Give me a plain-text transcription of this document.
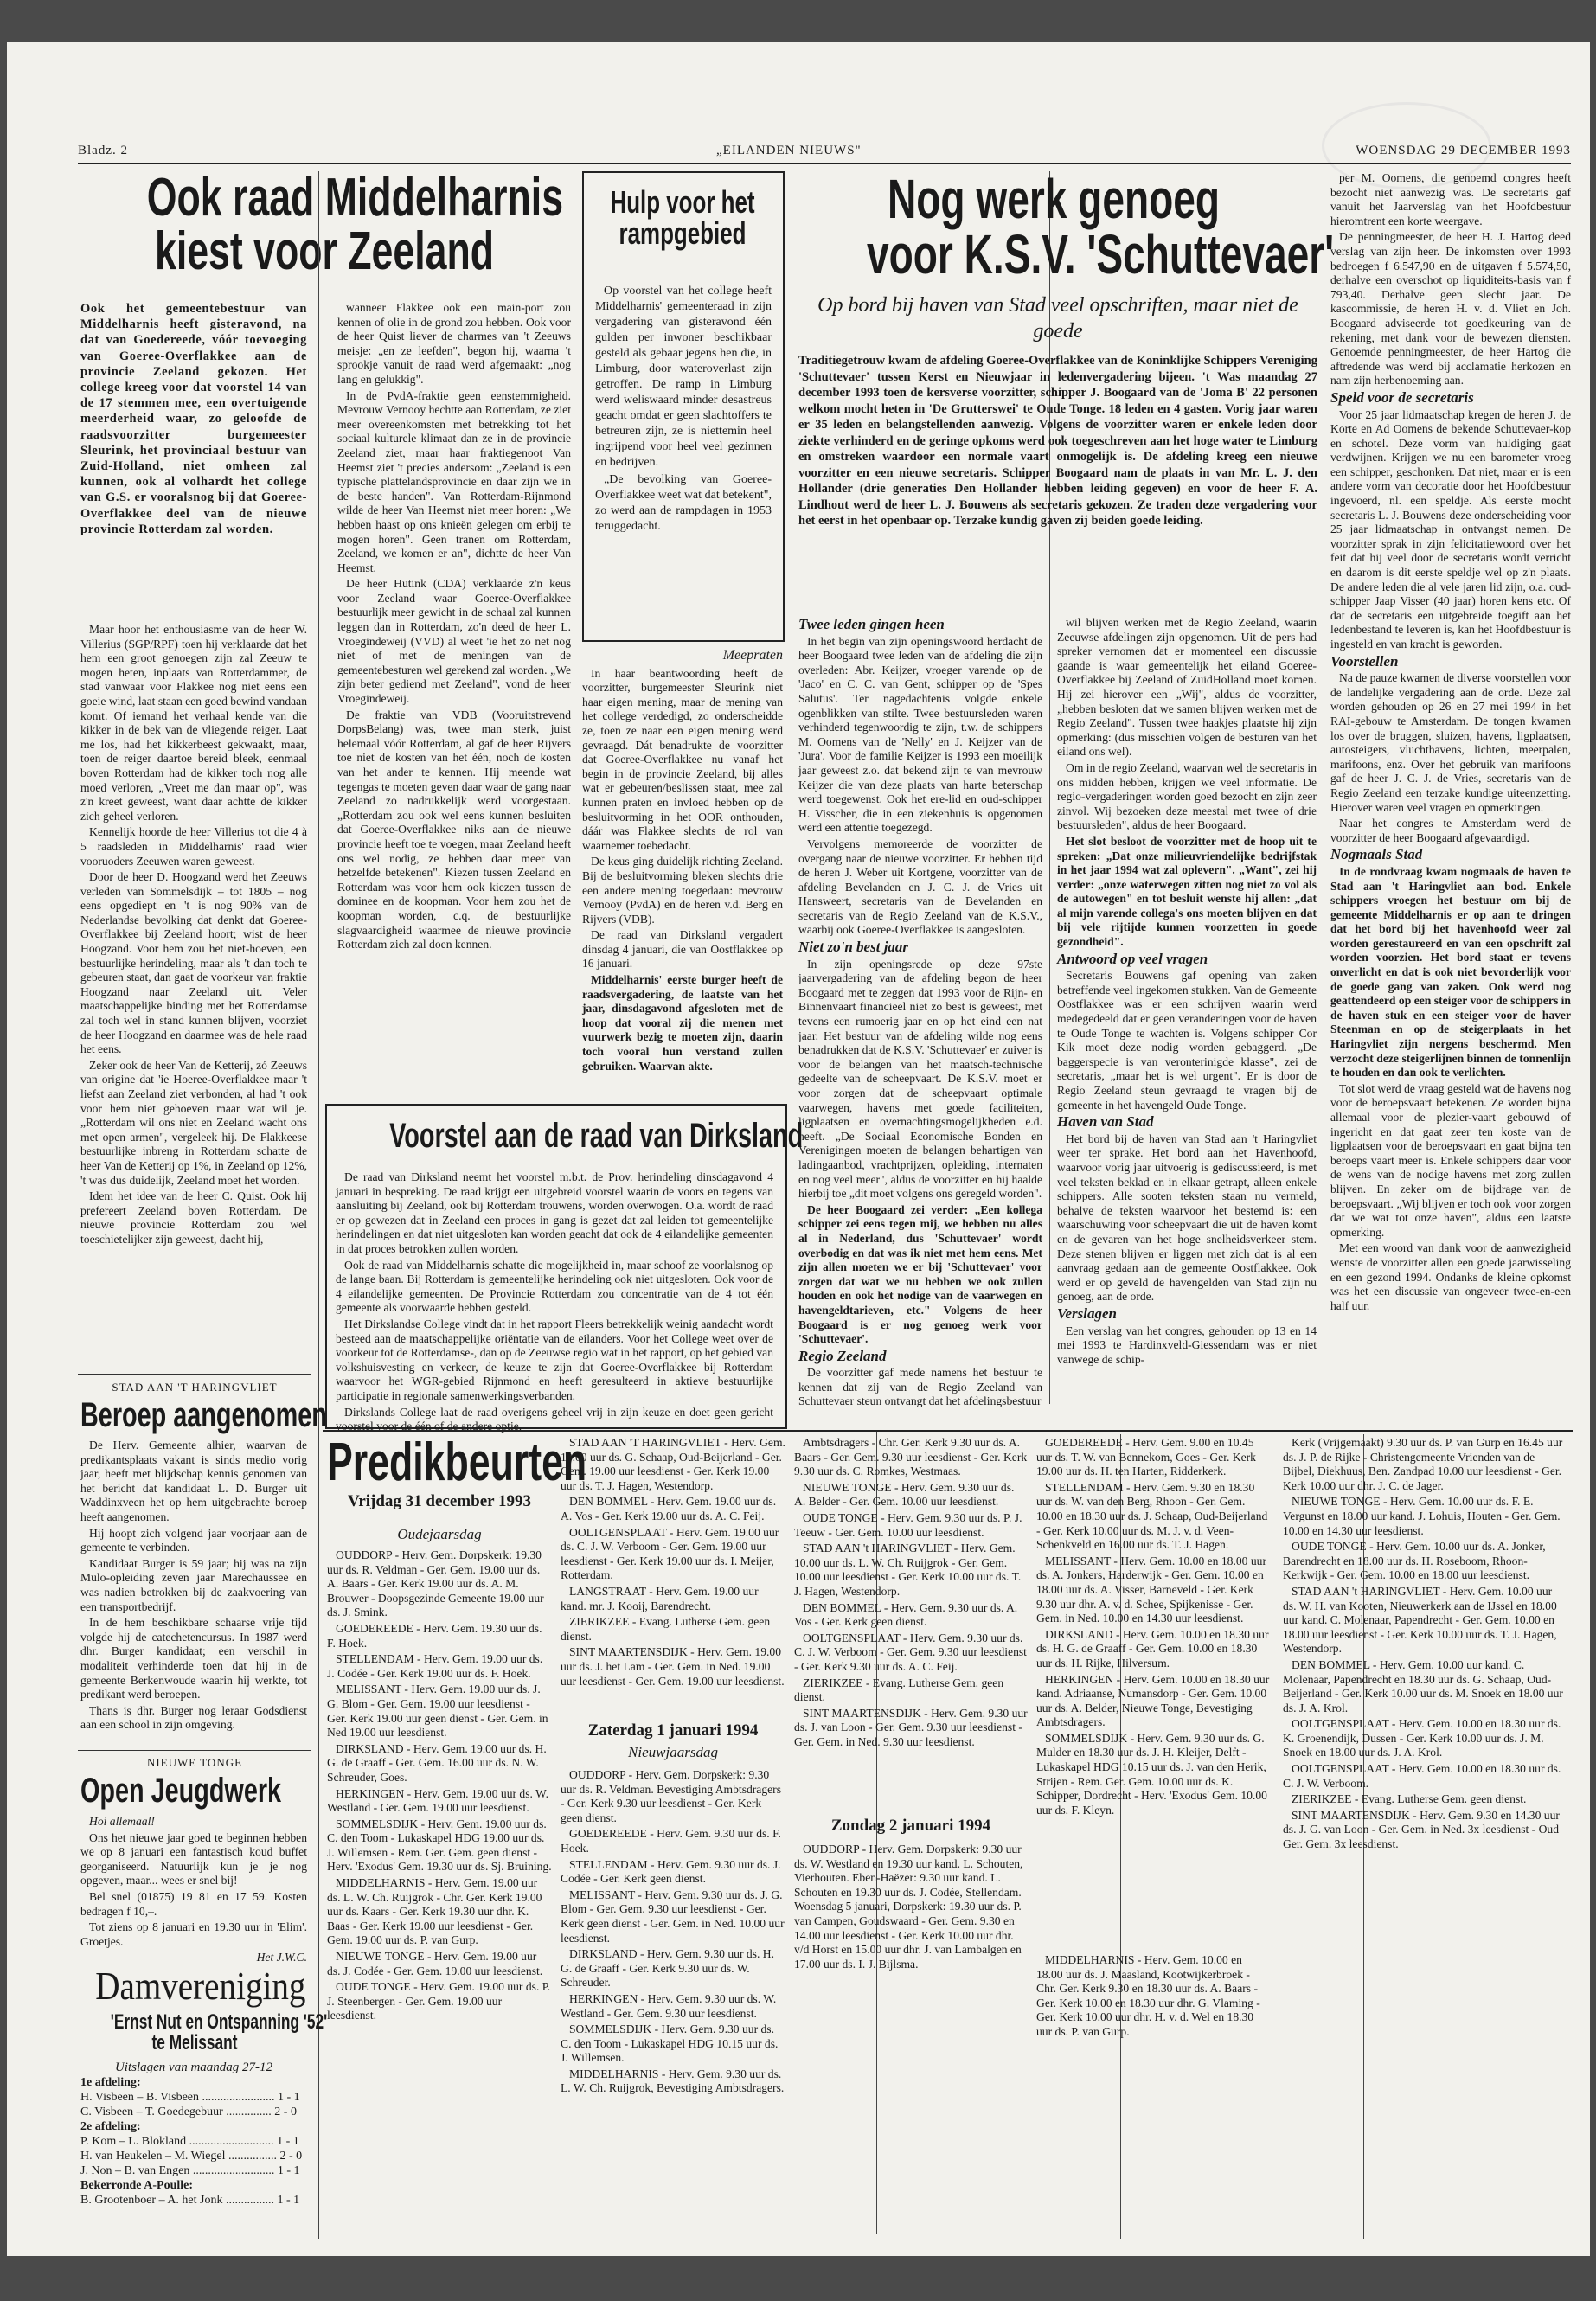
Bladz. 2	„EILANDEN NIEUWS"	WOENSDAG 29 DECEMBER 1993
Ook raad Middelharnis
kiest voor Zeeland
Ook het gemeentebestuur van Middelharnis heeft gisteravond, na dat van Goedereede, vóór toevoeging van Goeree-Overflakkee aan de provincie Zeeland gekozen. Het college kreeg voor dat voorstel 14 van de 17 stemmen mee, een overtuigende meerderheid waar, zo geloofde de raadsvoorzitter burgemeester Sleurink, het provinciaal bestuur van Zuid-Holland, niet omheen zal kunnen, ook al volhardt het college van G.S. er vooralsnog bij dat Goeree-Overflakkee deel van de nieuwe provincie Rotterdam zal worden.

Maar hoor het enthousiasme van de heer W. Villerius (SGP/RPF) toen hij verklaarde dat het hem een groot genoegen zijn zal Zeeuw te mogen heten, inplaats van Rotterdammer, de stad vanwaar voor Flakkee nog niet eens een goeie wind, laat staan een goed bewind vandaan komt. Of iemand het verhaal kende van die kikker in de bek van de vliegende reiger. Laat me los, had het kikkerbeest gekwaakt, maar, toen de reiger daartoe bereid bleek, eenmaal boven Rotterdam had de kikker toch nog alle moed verloren, „Vreet me dan maar op", was z'n kreet geweest, want daar achtte de kikker zich geheel verloren.

Kennelijk hoorde de heer Villerius tot die 4 à 5 raadsleden in Middelharnis' raad wier vooruoders Zeeuwen waren geweest.

Door de heer D. Hoogzand werd het Zeeuws verleden van Sommelsdijk – tot 1805 – nog eens opgediept en 't is nog 90% van de Nederlandse bevolking dat denkt dat Goeree-Overflakkee bij Zeeland hoort; wist de heer Hoogzand. Voor hem zou het niet-hoeven, een bestuurlijke herindeling, maar als 't dan toch te gebeuren staat, dan gaat de voorkeur van fraktie Hoogzand naar Zeeland uit. Veler maatschappelijke binding met het Rotterdamse zal toch wel in stand kunnen blijven, voorziet de heer Hoogzand en daarmee was de hele raad het eens.

Zeker ook de heer Van de Ketterij, zó Zeeuws van origine dat 'ie Hoeree-Overflakkee maar 't liefst aan Zeeland ziet verbonden, al had 't ook voor hem niet gehoeven maar wat wil je. „Rotterdam wil ons niet en Zeeland wacht ons met open armen", vergeleek hij. De Flakkeese bestuurlijke inbreng in Rotterdam schatte de heer Van de Ketterij op 1%, in Zeeland op 12%, 't was dus duidelijk, Zeeland moet het worden.

Idem het idee van de heer C. Quist. Ook hij prefereert Zeeland boven Rotterdam. De nieuwe provincie Rotterdam zou wel toeschietelijker zijn geweest, dacht hij,

wanneer Flakkee ook een main-port zou kennen of olie in de grond zou hebben. Ook voor de heer Quist liever de charmes van 't Zeeuws meisje: „en ze leefden", begon hij, waarna 't sprookje vanuit de raad werd afgemaakt: „nog lang en gelukkig".

In de PvdA-fraktie geen eenstemmigheid. Mevrouw Vernooy hechtte aan Rotterdam, ze ziet meer overeenkomsten met betrekking tot het sociaal kulturele klimaat dan ze in de provincie Zeeland ziet, maar haar fraktiegenoot Van Heemst ziet 't precies andersom: „Zeeland is een typische plattelandsprovincie en daar zijn we in de beste handen". Van Rotterdam-Rijnmond wilde de heer Van Heemst niet meer horen: „We hebben haast op ons knieën gelegen om erbij te mogen horen". Geen tranen om Rotterdam, Zeeland, we komen er an", dichtte de heer Van Heemst.

De heer Hutink (CDA) verklaarde z'n keus voor Zeeland waar Goeree-Overflakkee bestuurlijk meer gewicht in de schaal zal kunnen leggen dan in Rotterdam, zo'n deed de heer L. Vroegindeweij (VVD) al weet 'ie het zo net nog niet of met de meningen van de gemeentebesturen wel gerekend zal worden. „We zijn beter gediend met Zeeland", vond de heer Vroegindeweij.

De fraktie van VDB (Vooruitstrevend DorpsBelang) was, twee man sterk, juist helemaal vóór Rotterdam, al gaf de heer Rijvers toe niet de kosten van het één, noch de kosten van het ander te kennen. Hij meende wat tegengas te moeten geven daar waar de gang naar Zeeland zo nadrukkelijk werd voorgestaan. „Rotterdam zou ook wel eens kunnen besluiten dat Goeree-Overflakkee niks aan de nieuwe provincie heeft toe te voegen, maar Zeeland heeft ons wel nodig, ze hebben daar meer van hetzelfde betekenen". Kiezen tussen Zeeland en Rotterdam was voor hem ook kiezen tussen de dominee en de koopman. Voor hem zou het de koopman worden, c.q. de bestuurlijke slagvaardigheid waarmee de nieuwe provincie Rotterdam zich zal doen kennen.

Hulp voor het
rampgebied

Op voorstel van het college heeft Middelharnis' gemeenteraad in zijn vergadering van gisteravond één gulden per inwoner beschikbaar gesteld als gebaar jegens hen die, in Limburg, door wateroverlast zijn getroffen. De ramp in Limburg werd weliswaard minder desastreus geacht omdat er geen slachtoffers te betreuren zijn, ze is niettemin heel ingrijpend voor heel veel gezinnen en bedrijven.

„De bevolking van Goeree-Overflakkee weet wat dat betekent", zo werd aan de rampdagen in 1953 teruggedacht.

Meepraten

In haar beantwoording heeft de voorzitter, burgemeester Sleurink niet haar eigen mening, maar de mening van het college verdedigd, zo onderscheidde ze, toen ze naar een eigen mening werd gevraagd. Dát benadrukte de voorzitter dat Goeree-Overflakkee nu vanaf het begin in de provincie Zeeland, bij alles wat er gebeuren/beslissen staat, mee zal kunnen praten en invloed hebben op de besluitvorming in het OOR onthouden, dáár was Flakkee slechts de rol van waarnemer toebedacht.

De keus ging duidelijk richting Zeeland. Bij de besluitvorming bleken slechts drie een andere mening toegedaan: mevrouw Vernooy (PvdA) en de heren v.d. Berg en Rijvers (VDB).

De raad van Dirksland vergadert dinsdag 4 januari, die van Oostflakkee op 16 januari.

Middelharnis' eerste burger heeft de raadsvergadering, de laatste van het jaar, dinsdagavond afgesloten met de hoop dat vooral zij die menen met vuurwerk bezig te moeten zijn, daarin toch vooral hun verstand zullen gebruiken. Waarvan akte.

Voorstel aan de raad van Dirksland

De raad van Dirksland neemt het voorstel m.b.t. de Prov. herindeling dinsdagavond 4 januari in bespreking. De raad krijgt een uitgebreid voorstel waarin de voors en tegens van aansluiting bij Zeeland, ook bij Rotterdam trouwens, worden overwogen. O.a. wordt de raad er op gewezen dat in Zeeland een proces in gang is gezet dat zal leiden tot gemeentelijke herindelingen en dat niet uitgesloten kan worden geacht dat ook de 4 eilandelijke gemeenten in dat proces betrokken zullen worden.

Ook de raad van Middelharnis schatte die mogelijkheid in, maar schoof ze voorlalsnog op de lange baan. Bij Rotterdam is gemeentelijke herindeling ook niet uitgesloten. Ook voor de 4 eilandelijke gemeenten. De Provincie Rotterdam zou concentratie van de 4 tot één gemeente als voorwaarde hebben gesteld.

Het Dirkslandse College vindt dat in het rapport Fleers betrekkelijk weinig aandacht wordt besteed aan de maatschappelijke oriëntatie van de eilanders. Voor het College weet over de voorkeur tot de Rotterdamse-, dan op de Zeeuwse regio wat in het rapport, op het gebied van volkshuisvesting en verkeer, de keuze te zijn dat Goeree-Overflakkee bij Rotterdam waarvoor het WGR-gebied Rijnmond en heeft geresulteerd in aktieve bestuurlijke participatie in regionale samenwerkingsverbanden.

Dirkslands College laat de raad overigens geheel vrij in zijn keuze en doet geen gericht voorstel voor de één of de andere optie.

STAD AAN 'T HARINGVLIET
Beroep aangenomen

De Herv. Gemeente alhier, waarvan de predikantsplaats vakant is sinds medio vorig jaar, heeft met blijdschap kennis genomen van het bericht dat kandidaat L. D. Burger uit Waddinxveen het op hem uitgebrachte beroep heeft aangenomen.

Hij hoopt zich volgend jaar voorjaar aan de gemeente te verbinden.

Kandidaat Burger is 59 jaar; hij was na zijn Mulo-opleiding zeven jaar Marechaussee en was nadien betrokken bij de zaakvoering van een transportbedrijf.

In de hem beschikbare schaarse vrije tijd volgde hij de catechetencursus. In 1987 werd dhr. Burger kandidaat; een verschil in modaliteit verhinderde toen dat hij in de gemeente Berkenwoude waarin hij werkte, tot predikant werd beroepen.

Thans is dhr. Burger nog leraar Godsdienst aan een school in zijn omgeving.

NIEUWE TONGE
Open Jeugdwerk

Hoi allemaal!

Ons het nieuwe jaar goed te beginnen hebben we op 8 januari een fantastisch koud buffet georganiseerd. Natuurlijk kun je je nog opgeven, maar... wees er snel bij!

Bel snel (01875) 19 81 en 17 59. Kosten bedragen f 10,–.

Tot ziens op 8 januari en 19.30 uur in 'Elim'. Groetjes.

Het J.W.C.
Damvereniging
'Ernst Nut en Ontspanning '52'
te Melissant
Uitslagen van maandag 27-12
1e afdeling:
H. Visbeen – B. Visbeen ........................ 1 - 1
C. Visbeen – T. Goedegebuur ............... 2 - 0
2e afdeling:
P. Kom – L. Blokland ............................ 1 - 1
H. van Heukelen – M. Wiegel ................ 2 - 0
J. Non – B. van Engen ........................... 1 - 1
Bekerronde A-Poulle:
B. Grootenboer – A. het Jonk ................ 1 - 1
Predikbeurten
Vrijdag 31 december 1993
Oudejaarsdag

OUDDORP - Herv. Gem. Dorpskerk: 19.30 uur ds. R. Veldman - Ger. Gem. 19.00 uur ds. A. Baars - Ger. Kerk 19.00 uur ds. A. M. Brouwer - Doopsgezinde Gemeente 19.00 uur ds. J. Smink.

GOEDEREEDE - Herv. Gem. 19.30 uur ds. F. Hoek.

STELLENDAM - Herv. Gem. 19.00 uur ds. J. Codée - Ger. Kerk 19.00 uur ds. F. Hoek.

MELISSANT - Herv. Gem. 19.00 uur ds. J. G. Blom - Ger. Gem. 19.00 uur leesdienst - Ger. Kerk 19.00 uur geen dienst - Ger. Gem. in Ned 19.00 uur leesdienst.

DIRKSLAND - Herv. Gem. 19.00 uur ds. H. G. de Graaff - Ger. Gem. 16.00 uur ds. N. W. Schreuder, Goes.

HERKINGEN - Herv. Gem. 19.00 uur ds. W. Westland - Ger. Gem. 19.00 uur leesdienst.

SOMMELSDIJK - Herv. Gem. 19.00 uur ds. C. den Toom - Lukaskapel HDG 19.00 uur ds. J. Willemsen - Rem. Ger. Gem. geen dienst - Herv. 'Exodus' Gem. 19.30 uur ds. Sj. Bruining.

MIDDELHARNIS - Herv. Gem. 19.00 uur ds. L. W. Ch. Ruijgrok - Chr. Ger. Kerk 19.00 uur ds. Kaars - Ger. Kerk 19.30 uur dhr. K. Baas - Ger. Kerk 19.00 uur leesdienst - Ger. Gem. 19.00 uur ds. P. van Gurp.

NIEUWE TONGE - Herv. Gem. 19.00 uur ds. J. Codée - Ger. Gem. 19.00 uur leesdienst.

OUDE TONGE - Herv. Gem. 19.00 uur ds. P. J. Steenbergen - Ger. Gem. 19.00 uur leesdienst.

STAD AAN 'T HARINGVLIET - Herv. Gem. 19.00 uur ds. G. Schaap, Oud-Beijerland - Ger. Gem. 19.00 uur leesdienst - Ger. Kerk 19.00 uur ds. T. J. Hagen, Westendorp.

DEN BOMMEL - Herv. Gem. 19.00 uur ds. A. Vos - Ger. Kerk 19.00 uur ds. A. C. Feij.

OOLTGENSPLAAT - Herv. Gem. 19.00 uur ds. C. J. W. Verboom - Ger. Gem. 19.00 uur leesdienst - Ger. Kerk 19.00 uur ds. I. Meijer, Rotterdam.

LANGSTRAAT - Herv. Gem. 19.00 uur kand. mr. J. Kooij, Barendrecht.

ZIERIKZEE - Evang. Lutherse Gem. geen dienst.

SINT MAARTENSDIJK - Herv. Gem. 19.00 uur ds. J. het Lam - Ger. Gem. in Ned. 19.00 uur leesdienst - Ger. Gem. 19.00 uur leesdienst.

Zaterdag 1 januari 1994
Nieuwjaarsdag

OUDDORP - Herv. Gem. Dorpskerk: 9.30 uur ds. R. Veldman. Bevestiging Ambtsdragers - Ger. Kerk 9.30 uur leesdienst - Ger. Kerk geen dienst.

GOEDEREEDE - Herv. Gem. 9.30 uur ds. F. Hoek.

STELLENDAM - Herv. Gem. 9.30 uur ds. J. Codée - Ger. Kerk geen dienst.

MELISSANT - Herv. Gem. 9.30 uur ds. J. G. Blom - Ger. Gem. 9.30 uur leesdienst - Ger. Kerk geen dienst - Ger. Gem. in Ned. 10.00 uur leesdienst.

DIRKSLAND - Herv. Gem. 9.30 uur ds. H. G. de Graaff - Ger. Kerk 9.30 uur ds. W. Schreuder.

HERKINGEN - Herv. Gem. 9.30 uur ds. W. Westland - Ger. Gem. 9.30 uur leesdienst.

SOMMELSDIJK - Herv. Gem. 9.30 uur ds. C. den Toom - Lukaskapel HDG 10.15 uur ds. J. Willemsen.

MIDDELHARNIS - Herv. Gem. 9.30 uur ds. L. W. Ch. Ruijgrok, Bevestiging Ambtsdragers.

Ambtsdragers - Chr. Ger. Kerk 9.30 uur ds. A. Baars - Ger. Gem. 9.30 uur leesdienst - Ger. Kerk 9.30 uur ds. C. Romkes, Westmaas.

NIEUWE TONGE - Herv. Gem. 9.30 uur ds. A. Belder - Ger. Gem. 10.00 uur leesdienst.

OUDE TONGE - Herv. Gem. 9.30 uur ds. P. J. Teeuw - Ger. Gem. 10.00 uur leesdienst.

STAD AAN 't HARINGVLIET - Herv. Gem. 10.00 uur ds. L. W. Ch. Ruijgrok - Ger. Gem. 10.00 uur leesdienst - Ger. Kerk 10.00 uur ds. T. J. Hagen, Westendorp.

DEN BOMMEL - Herv. Gem. 9.30 uur ds. A. Vos - Ger. Kerk geen dienst.

OOLTGENSPLAAT - Herv. Gem. 9.30 uur ds. C. J. W. Verboom - Ger. Gem. 9.30 uur leesdienst - Ger. Kerk 9.30 uur ds. A. C. Feij.

ZIERIKZEE - Evang. Lutherse Gem. geen dienst.

SINT MAARTENSDIJK - Herv. Gem. 9.30 uur ds. J. van Loon - Ger. Gem. 9.30 uur leesdienst - Ger. Gem. in Ned. 9.30 uur leesdienst.

Zondag 2 januari 1994

OUDDORP - Herv. Gem. Dorpskerk: 9.30 uur ds. W. Westland en 19.30 uur kand. L. Schouten, Vierhouten. Eben-Haëzer: 9.30 uur kand. L. Schouten en 19.30 uur ds. J. Codée, Stellendam. Woensdag 5 januari, Dorpskerk: 19.30 uur ds. P. van Campen, Goudswaard - Ger. Gem. 9.30 en 14.00 uur leesdienst - Ger. Kerk 10.00 uur dhr. v/d Horst en 15.00 uur dhr. J. van Lambalgen en 17.00 uur ds. I. J. Bijlsma.

GOEDEREEDE - Herv. Gem. 9.00 en 10.45 uur ds. T. W. van Bennekom, Goes - Ger. Kerk 19.00 uur ds. H. ten Harten, Ridderkerk.

STELLENDAM - Herv. Gem. 9.30 en 18.30 uur ds. W. van den Berg, Rhoon - Ger. Gem. 10.00 en 18.30 uur ds. J. Schaap, Oud-Beijerland - Ger. Kerk 10.00 uur ds. M. J. v. d. Veen-Schenkveld en 16.00 uur ds. T. J. Hagen.

MELISSANT - Herv. Gem. 10.00 en 18.00 uur ds. A. Jonkers, Harderwijk - Ger. Gem. 10.00 en 18.00 uur ds. A. Visser, Barneveld - Ger. Kerk 9.30 uur dhr. A. v. d. Schee, Spijkenisse - Ger. Gem. in Ned. 10.00 en 14.30 uur leesdienst.

DIRKSLAND - Herv. Gem. 10.00 en 18.30 uur ds. H. G. de Graaff - Ger. Gem. 10.00 en 18.30 uur ds. H. Rijke, Hilversum.

HERKINGEN - Herv. Gem. 10.00 en 18.30 uur kand. Adriaanse, Numansdorp - Ger. Gem. 10.00 uur ds. A. Belder, Nieuwe Tonge, Bevestiging Ambtsdragers.

SOMMELSDIJK - Herv. Gem. 9.30 uur ds. G. Mulder en 18.30 uur ds. J. H. Kleijer, Delft - Lukaskapel HDG 10.15 uur ds. J. van den Herik, Strijen - Rem. Ger. Gem. 10.00 uur ds. K. Schipper, Dordrecht - Herv. 'Exodus' Gem. 10.00 uur ds. F. Kleyn.

MIDDELHARNIS - Herv. Gem. 10.00 en 18.00 uur ds. J. Maasland, Kootwijkerbroek - Chr. Ger. Kerk 9.30 en 18.30 uur ds. A. Baars - Ger. Kerk 10.00 en 18.30 uur dhr. G. Vlaming - Ger. Kerk 10.00 uur dhr. H. v. d. Wel en 18.30 uur ds. P. van Gurp.

Kerk (Vrijgemaakt) 9.30 uur ds. P. van Gurp en 16.45 uur ds. J. P. de Rijke - Christengemeente Vrienden van de Bijbel, Diekhuus, Ben. Zandpad 10.00 uur leesdienst - Ger. Kerk 10.00 uur dhr. J. C. de Jager.

NIEUWE TONGE - Herv. Gem. 10.00 uur ds. F. E. Vergunst en 18.00 uur kand. J. Lohuis, Houten - Ger. Gem. 10.00 en 14.30 uur leesdienst.

OUDE TONGE - Herv. Gem. 10.00 uur ds. A. Jonker, Barendrecht en 18.00 uur ds. H. Roseboom, Rhoon-Kerkwijk - Ger. Gem. 10.00 en 18.00 uur leesdienst.

STAD AAN 't HARINGVLIET - Herv. Gem. 10.00 uur ds. W. H. van Kooten, Nieuwerkerk aan de IJssel en 18.00 uur kand. C. Molenaar, Papendrecht - Ger. Gem. 10.00 en 18.00 uur leesdienst - Ger. Kerk 10.00 uur ds. T. J. Hagen, Westendorp.

DEN BOMMEL - Herv. Gem. 10.00 uur kand. C. Molenaar, Papendrecht en 18.30 uur ds. G. Schaap, Oud-Beijerland - Ger. Kerk 10.00 uur ds. M. Snoek en 18.00 uur ds. J. A. Krol.

OOLTGENSPLAAT - Herv. Gem. 10.00 en 18.30 uur ds. K. Groenendijk, Dussen - Ger. Kerk 10.00 uur ds. J. M. Snoek en 18.00 uur ds. J. A. Krol.

OOLTGENSPLAAT - Herv. Gem. 10.00 en 18.30 uur ds. C. J. W. Verboom.

ZIERIKZEE - Evang. Lutherse Gem. geen dienst.

SINT MAARTENSDIJK - Herv. Gem. 9.30 en 14.30 uur ds. J. G. van Loon - Ger. Gem. in Ned. 3x leesdienst - Oud Ger. Gem. 3x leesdienst.

Nog werk genoeg
voor K.S.V. 'Schuttevaer'
Op bord bij haven van Stad veel opschriften, maar niet de goede
Traditiegetrouw kwam de afdeling Goeree-Overflakkee van de Koninklijke Schippers Vereniging 'Schuttevaer' tussen Kerst en Nieuwjaar in ledenvergadering bijeen. 't Was maandag 27 december 1993 toen de kersverse voorzitter, schipper J. Boogaard van de 'Joma B' 22 personen welkom mocht heten in 'De Grutterswei' te Oude Tonge. 18 leden en 4 gasten. Vorig jaar waren er 35 leden en belangstellenden aanwezig. Volgens de voorzitter waren er enkele leden door ziekte verhinderd en de geringe opkoms werd ook toegeschreven aan het hoge water te Limburg en omstreken waardoor een normale vaart onmogelijk is. De afdeling kreeg een nieuwe voorzitter en een nieuwe secretaris. Schipper Boogaard nam de plaats in van Mr. L. J. den Hollander (drie generaties Den Hollander hebben leiding gegeven) en voor de heer F. A. Lindhout werd de heer L. J. Bouwens als secretaris gekozen. Ze traden deze vergadering voor het eerst in het openbaar op. Terzake kundig gaven zij beiden goede leiding.
Twee leden gingen heen

In het begin van zijn openingswoord herdacht de heer Boogaard twee leden van de afdeling die zijn overleden: Abr. Keijzer, vroeger varende op de 'Jaco' en C. C. van Gent, schipper op de 'Spes Salutus'. Ter nagedachtenis volgde enkele ogenblikken van stilte. Twee bestuursleden waren verhinderd tegenwoordig te zijn, t.w. de schippers M. Oomens van de 'Nelly' en J. Keijzer van de 'Jura'. Voor de familie Keijzer is 1993 een moeilijk jaar geweest z.o. dat bekend zijn te van mevrouw Keijzer die van deze plaats van harte beterschap werd toegewenst. Ook het ere-lid en oud-schipper H. Visscher, die in een ziekenhuis is opgenomen werd een attentie toegezegd.

Vervolgens memoreerde de voorzitter de overgang naar de nieuwe voorzitter. Er hebben tijd de heren J. Weber uit Kortgene, voorzitter van de afdeling Bevelanden en J. C. J. de Vries uit Hansweert, secretaris van de Bevelanden en secretaris van de Regio Zeeland van de K.S.V., waarbij ook Goeree-Overflakkee is aangesloten.

Niet zo'n best jaar

In zijn openingsrede op deze 97ste jaarvergadering van de afdeling begon de heer Boogaard met te zeggen dat 1993 voor de Rijn- en Binnenvaart financieel niet zo best is geweest, met tevens een rumoerig jaar en op het eind een nat jaar. Het bestuur van de afdeling wilde nog eens benadrukken dat de K.S.V. 'Schuttevaer' er zuiver is voor de belangen van het maatsch-technische gedeelte van de scheepvaart. De K.S.V. moet er voor zorgen dat de scheepvaart optimale vaarwegen, havens met goede faciliteiten, ligplaatsen en overnachtingsmogelijkheden e.d. heeft. „De Sociaal Economische Bonden en Verenigingen moeten de belangen behartigen van ladingaanbod, vrachtprijzen, opleiding, internaten en nog veel meer", aldus de voorzitter en hij haalde hierbij toe „dit moet volgens ons geregeld worden".

De heer Boogaard zei verder: „Een kollega schipper zei eens tegen mij, we hebben nu alles al in Nederland, dus 'Schuttevaer' wordt overbodig en dat was ik niet met hem eens. Met zijn allen moeten we er bij 'Schuttevaer' voor zorgen dat wat we nu hebben we ook zullen houden en ook het nodige van de vaarwegen en havengeldtarieven, etc." Volgens de heer Boogaard is er nog genoeg werk voor 'Schuttevaer'.

Regio Zeeland

De voorzitter gaf mede namens het bestuur te kennen dat zij van de Regio Zeeland van Schuttevaer steun ontvangt dat het afdelingsbestuur

wil blijven werken met de Regio Zeeland, waarin Zeeuwse afdelingen zijn opgenomen. Uit de pers had spreker vernomen dat er momenteel een discussie gaande is waar gemeentelijk het eiland Goeree-Overflakkee bij Zeeland of ZuidHolland moet komen. Hij zei hierover een „Wij", aldus de voorzitter, „hebben besloten dat we samen blijven werken met de Regio Zeeland". Tussen twee haakjes plaatste hij zijn opmerking: (dus misschien volgen de besturen van het eiland ons wel).

Om in de regio Zeeland, waarvan wel de secretaris in ons midden hebben, krijgen we veel informatie. De regio-vergaderingen worden goed bezocht en zijn zeer zinvol. Wij bezoeken deze meestal met twee of drie bestuursleden", aldus de heer Boogaard.

Het slot besloot de voorzitter met de hoop uit te spreken: „Dat onze milieuvriendelijke bedrijfstak in het jaar 1994 wat zal oplevern". „Want", zei hij verder: „onze waterwegen zitten nog niet zo vol als de autowegen" en tot besluit wenste hij allen: „dat al mijn varende collega's ons moeten blijven en dat bij vele rijtijde kunnen voorzetten in goede gezondheid".

Antwoord op veel vragen

Secretaris Bouwens gaf opening van zaken betreffende veel ingekomen stukken. Van de Gemeente Oostflakkee was er een schrijven waarin werd medegedeeld dat er geen veranderingen voor de haven te Oude Tonge te wachten is. Volgens schipper Cor Kik moet deze nodig worden gebaggerd. „De baggerspecie is van veronterinigde klasse", zei de secretaris, „maar het is wel urgent". Er is door de Regio Zeeland steun gevraagd te vragen bij de gemeente in het havengeld Oude Tonge.

Haven van Stad

Het bord bij de haven van Stad aan 't Haringvliet weer ter sprake. Het bord aan het Havenhoofd, waarvoor vorig jaar uitvoerig is gediscussieerd, is met veel teksten beklad en in elkaar getrapt, alleen enkele schippers. Alle sooten teksten staan nu vermeld, behalve de teksten waarvoor het bestemd is: een waarschuwing voor scheepvaart die uit de haven komt en de gevaren van het hoge snelheidsverkeer stem. Deze stenen blijven er liggen met zich dat is al een aanvraag gedaan aan de gemeente Oostflakkee. Ook werd er op geveld de havengelden van Stad zijn nu genoeg, aan de orde.

Verslagen

Een verslag van het congres, gehouden op 13 en 14 mei 1993 te Hardinxveld-Giessendam was er niet vanwege de schip-

per M. Oomens, die genoemd congres heeft bezocht niet aanwezig was. De secretaris gaf vanuit het Jaarverslag van het Hoofdbestuur hieromtrent een korte weergave.

De penningmeester, de heer H. J. Hartog deed verslag van zijn heer. De inkomsten over 1993 bedroegen f 6.547,90 en de uitgaven f 5.574,50, derhalve een overschot op liquiditeits-basis van f 793,40. Derhalve geen slecht jaar. De kascommissie, de heren H. v. d. Vliet en Joh. Boogaard adviseerde tot goedkeuring van de rekening, met dank voor de bewezen diensten. Genoemde penningmeester, de heer Hartog die aftredende was werd bij acclamatie herkozen en nam zijn herbenoeming aan.

Speld voor de secretaris

Voor 25 jaar lidmaatschap kregen de heren J. de Korte en Ad Oomens de bekende Schuttevaer-kop en schotel. Deze vorm van huldiging gaat verdwijnen. Krijgen we nu een barometer vroeg een schipper, geschonken. Dat niet, maar er is een andere vorm van decoratie door het Hoofdbestuur ingevoerd, nl. een speldje. Als eerste mocht secretaris L. J. Bouwens deze onderscheiding voor 25 jaar lidmaatschap in ontvangst nemen. De voorzitter sprak in zijn felicitatiewoord over het feit dat hij veel door de secretaris wordt verricht en daarom is dit eerste speldje wel op z'n plaats. De andere leden die al vele jaren lid zijn, o.a. oud-schipper Jaap Visser (40 jaar) horen kens etc. Of dat de secretaris een uitgebreide toegift aan het ledenbestand te leveren is, kan het Hoofdbestuur is ingesteld en van kracht is geworden.

Voorstellen

Na de pauze kwamen de diverse voorstellen voor de landelijke vergadering aan de orde. Deze zal worden gehouden op 26 en 27 mei 1994 in het RAI-gebouw te Amsterdam. De tongen kwamen los over de bruggen, sluizen, havens, ligplaatsen, autosteigers, vluchthavens, lichten, meerpalen, marifoons, enz. Over het gebruik van marifoons gaf de heer J. C. J. de Vries, secretaris van de Regio Zeeland een terzake kundige uiteenzetting. Hierover waren veel vragen en opmerkingen.

Naar het congres te Amsterdam werd de voorzitter de heer Boogaard afgevaardigd.

Nogmaals Stad

In de rondvraag kwam nogmaals de haven te Stad aan 't Haringvliet aan bod. Enkele schippers vroegen het bestuur om bij de gemeente Middelharnis er op aan te dringen dat het bord bij het havenhoofd weer zal worden gerestaureerd en van een opschrift zal worden voorzien. Het bord staat er tevens onverlicht en dat is ook niet bevorderlijk voor de goede gang van zaken. Ook werd nog geattendeerd op een steiger voor de schippers in de haven stuk en een steiger voor de haver Steenman en op de steigerplaats in het Haringvliet zijn nergens beschermd. Men verzocht deze steigerlijnen binnen de tonnenlijn te houden en dan ook te verlichten.

Tot slot werd de vraag gesteld wat de havens nog voor de beroepsvaart betekenen. Ze worden bijna allemaal voor de plezier-vaart gebouwd of ingericht en dat gaat zeer ten koste van de ligplaatsen voor de beroepsvaart en gaat bijna ten beroeps vaart meer is. Enkele schippers daar voor de wens van de nodige havens met zorg zullen blijven. En zeker om de bijdrage van de beroepsvaart. „Wij blijven er toch ook voor zorgen dat we wat tot onze haven", aldus een laatste opmerking.

Met een woord van dank voor de aanwezigheid wenste de voorzitter allen een goede jaarwisseling en een gezond 1994. Ondanks de kleine opkomst was het een discussie van ongeveer twee-en-een half uur.
